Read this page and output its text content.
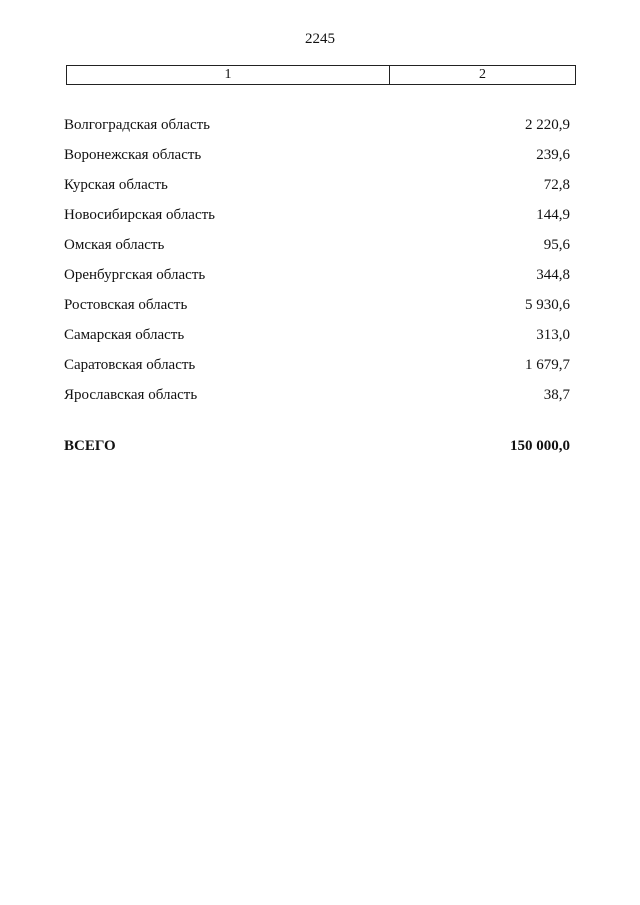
2245
1	2
Волгоградская область	2 220,9
Воронежская область	239,6
Курская область	72,8
Новосибирская область	144,9
Омская область	95,6
Оренбургская область	344,8
Ростовская область	5 930,6
Самарская область	313,0
Саратовская область	1 679,7
Ярославская область	38,7
ВСЕГО	150 000,0
